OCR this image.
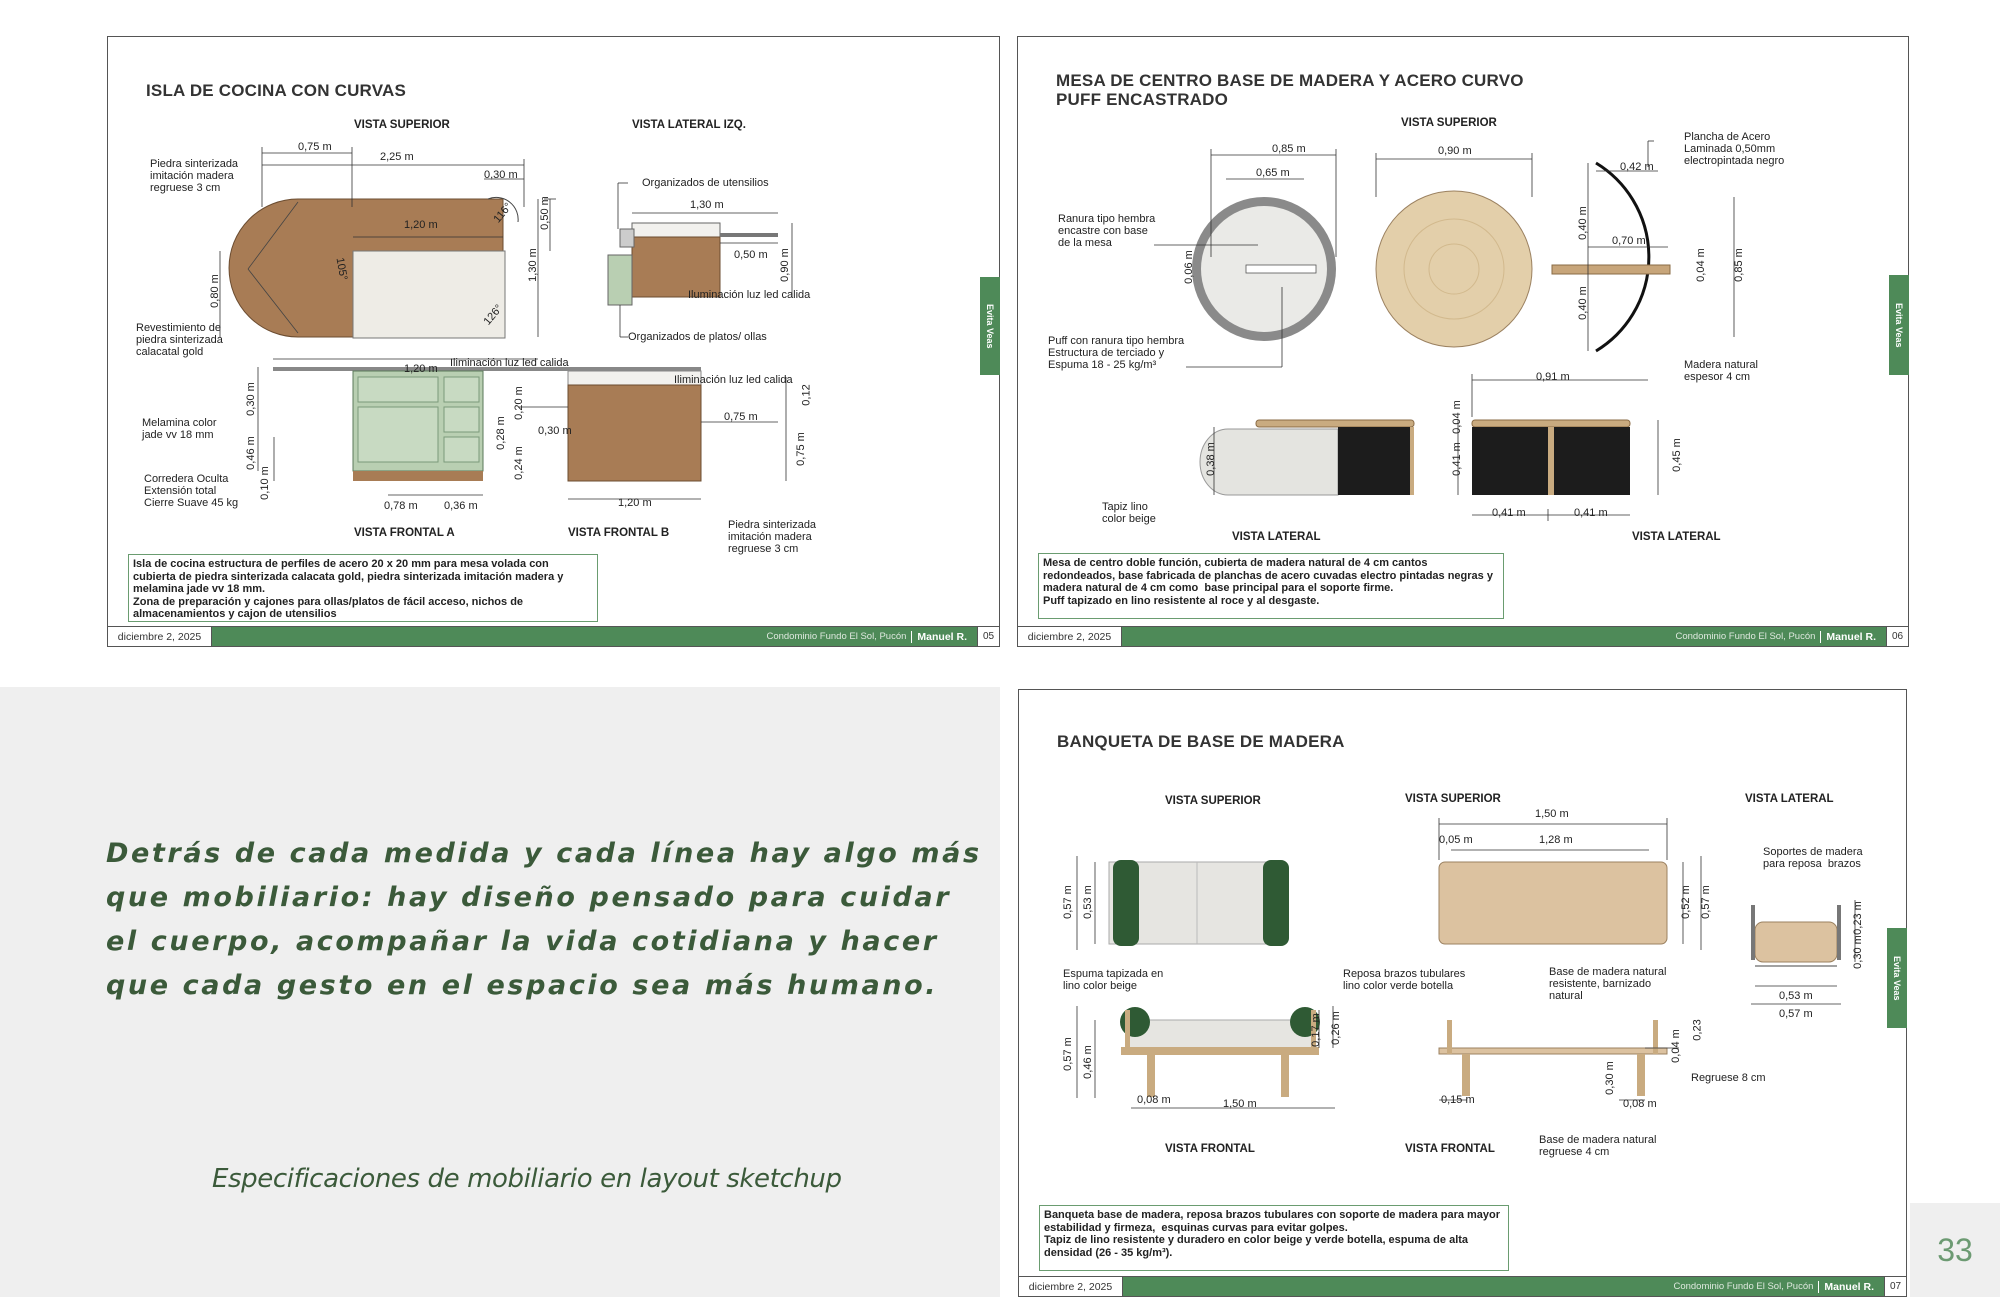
ISLA DE COCINA CON CURVAS
VISTA SUPERIOR	VISTA LATERAL IZQ.
VISTA FRONTAL A	VISTA FRONTAL B
Piedra sinterizada
imitación madera
regruese 3 cm
Revestimiento de
piedra sinterizada
calacatal gold
Organizados de utensilios
Iluminación luz led calida
Organizados de platos/ ollas
Iliminación luz led calida
Iliminación luz led calida
Melamina color
jade vv 18 mm
Corredera Oculta
Extensión total
Cierre Suave 45 kg
Piedra sinterizada
imitación madera
regruese 3 cm
0,75 m
2,25 m
0,30 m
1,20 m	0,50 m
1,30 m
0,80 m
116°
105°
126°
1,30 m
0,50 m 0,90 m
1,20 m
0,30 m
0,46 m
0,20 m
0,28 m	0,30 m
0,24 m
0,10 m
0,78 m 0,36 m
0,12
0,75 m
0,75 m
1,20 m
Isla de cocina estructura de perfiles de acero 20 x 20 mm para mesa volada con cubierta de piedra sinterizada calacata gold, piedra sinterizada imitación madera y melamina jade vv 18 mm.
Zona de preparación y cajones para ollas/platos de fácil acceso, nichos de almacenamientos y cajon de utensilios
diciembre 2, 2025	Condominio Fundo El Sol, Pucón	Manuel R.	05
Evita Veas
MESA DE CENTRO BASE DE MADERA Y ACERO CURVO
PUFF ENCASTRADO
VISTA SUPERIOR
VISTA LATERAL	VISTA LATERAL
Ranura tipo hembra
encastre con base
de la mesa
Puff con ranura tipo hembra
Estructura de terciado y
Espuma 18 - 25 kg/m³
Plancha de Acero
Laminada 0,50mm
electropintada negro
Madera natural
espesor 4 cm
Tapiz lino
color beige
0,85 m
0,65 m
0,90 m
0,42 m
0,70 m
0,40 m
0,40 m
0,04 m 0,85 m
0,06 m
0,91 m
0,04 m
0,41 m
0,38 m	0,45 m
0,41 m	0,41 m
Mesa de centro doble función, cubierta de madera natural de 4 cm cantos redondeados, base fabricada de planchas de acero cuvadas electro pintadas negras y madera natural de 4 cm como  base principal para el soporte firme.
Puff tapizado en lino resistente al roce y al desgaste.
diciembre 2, 2025	Condominio Fundo El Sol, Pucón	Manuel R.	06
Evita Veas
Detrás de cada medida y cada línea hay algo más que mobiliario: hay diseño pensado para cuidar el cuerpo, acompañar la vida cotidiana y hacer que cada gesto en el espacio sea más humano.
Especificaciones de mobiliario en layout sketchup
BANQUETA DE BASE DE MADERA
VISTA SUPERIOR	VISTA SUPERIOR	VISTA LATERAL
VISTA FRONTAL	VISTA FRONTAL
Espuma tapizada en
lino color beige
Reposa brazos tubulares
lino color verde botella
Base de madera natural
resistente, barnizado
natural
Soportes de madera
para reposa  brazos
Regruese 8 cm
Base de madera natural
regruese 4 cm
1,50 m
0,05 m	1,28 m
0,57 m 0,53 m	0,52 m 0,57 m	0,23 m
0,30 m
0,53 m
0,57 m
0,57 m 0,46 m
0,17 m 0,26 m
0,08 m	1,50 m	0,15 m
0,30 m
0,08 m
0,04 m 0,23
Banqueta base de madera, reposa brazos tubulares con soporte de madera para mayor estabilidad y firmeza,  esquinas curvas para evitar golpes.
Tapiz de lino resistente y duradero en color beige y verde botella, espuma de alta densidad (26 - 35 kg/m³).
diciembre 2, 2025	Condominio Fundo El Sol, Pucón	Manuel R.	07
Evita Veas
33
